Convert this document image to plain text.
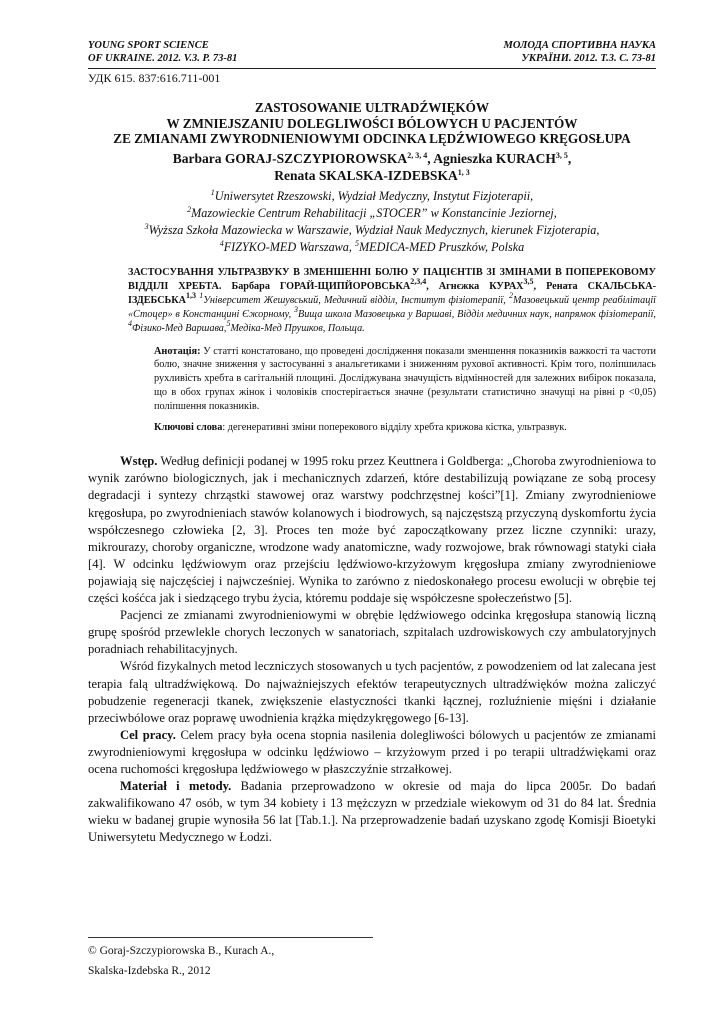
YOUNG SPORT SCIENCE
OF UKRAINE. 2012. V.3. P. 73-81
МОЛОДА СПОРТИВНА НАУКА
УКРАЇНИ. 2012. Т.3. С. 73-81
УДК 615. 837:616.711-001
ZASTOSOWANIE ULTRADŹWIĘKÓW
W ZMNIEJSZANIU DOLEGLIWOŚCI BÓLOWYCH U PACJENTÓW
ZE ZMIANAMI ZWYRODNIENIOWYMI ODCINKA LĘDŹWIOWEGO KRĘGOSŁUPA
Barbara GORAJ-SZCZYPIOROWSKA$^{2, 3, 4}$, Agnieszka KURACH$^{3, 5}$,
Renata SKALSKA-IZDEBSKA$^{1, 3}$
$^1$Uniwersytet Rzeszowski, Wydział Medyczny, Instytut Fizjoterapii,
$^2$Mazowieckie Centrum Rehabilitacji „STOCER” w Konstancinie Jeziornej,
$^3$Wyższa Szkoła Mazowiecka w Warszawie, Wydział Nauk Medycznych, kierunek Fizjoterapia,
$^4$FIZYKO-MED Warszawa, $^5$MEDICA-MED Pruszków, Polska
ЗАСТОСУВАННЯ УЛЬТРАЗВУКУ В ЗМЕНШЕННІ БОЛЮ У ПАЦІЄНТІВ ЗІ ЗМІНАМИ В ПОПЕРЕКОВОМУ ВІДДІЛІ ХРЕБТА. Барбара ГОРАЙ-ЩИПЙОРОВСЬКА$^{2,3,4}$, Агнєжка КУРАХ$^{3,5}$, Рената СКАЛЬСЬКА-ІЗДЕБСЬКА$^{1,3}$ $^1$Університет Жешувський, Медичний відділ, Інститут фізіотерапії, $^2$Мазовецький центр реабілітації «Стоцер» в Констанцині Єжорному, $^3$Вища школа Мазовецька у Варшаві, Відділ медичних наук, напрямок фізіотерапії, $^4$Фізико-Мед Варшава,$^5$Медіка-Мед Прушков, Польща.
Анотація: У статті констатовано, що проведені дослідження показали зменшення показників важкості та частоти болю, значне зниження у застосуванні з анальгетиками і зниженням рухової активності. Крім того, поліпшилась рухливість хребта в сагітальній площині. Досліджувана значущість відмінностей для залежних вибірок показала, що в обох групах жінок і чоловіків спостерігається значне (результати статистично значущі на рівні p <0,05) поліпшення показників.
Ключові слова: дегенеративні зміни поперекового відділу хребта крижова кістка, ультразвук.

Wstęp. Według definicji podanej w 1995 roku przez Keuttnera i Goldberga: „Choroba zwyrodnieniowa to wynik zarówno biologicznych, jak i mechanicznych zdarzeń, które destabilizują powiązane ze sobą procesy degradacji i syntezy chrząstki stawowej oraz warstwy podchrzęstnej kości”[1]. Zmiany zwyrodnieniowe kręgosłupa, po zwyrodnieniach stawów kolanowych i biodrowych, są najczęstszą przyczyną dyskomfortu życia współczesnego człowieka [2, 3]. Proces ten może być zapoczątkowany przez liczne czynniki: urazy, mikrourazy, choroby organiczne, wrodzone wady anatomiczne, wady rozwojowe, brak równowagi statyki ciała [4]. W odcinku lędźwiowym oraz przejściu lędźwiowo-krzyżowym kręgosłupa zmiany zwyrodnieniowe pojawiają się najczęściej i najwcześniej. Wynika to zarówno z niedoskonałego procesu ewolucji w obrębie tej części kośćca jak i siedzącego trybu życia, któremu poddaje się współczesne społeczeństwo [5].

Pacjenci ze zmianami zwyrodnieniowymi w obrębie lędźwiowego odcinka kręgosłupa stanowią liczną grupę spośród przewlekle chorych leczonych w sanatoriach, szpitalach uzdrowiskowych czy ambulatoryjnych poradniach rehabilitacyjnych.

Wśród fizykalnych metod leczniczych stosowanych u tych pacjentów, z powodzeniem od lat zalecana jest terapia falą ultradźwiękową. Do najważniejszych efektów terapeutycznych ultradźwięków można zaliczyć pobudzenie regeneracji tkanek, zwiększenie elastyczności tkanki łącznej, rozluźnienie mięśni i działanie przeciwbólowe oraz poprawę uwodnienia krążka międzykręgowego [6-13].

Cel pracy. Celem pracy była ocena stopnia nasilenia dolegliwości bólowych u pacjentów ze zmianami zwyrodnieniowymi kręgosłupa w odcinku lędźwiowo – krzyżowym przed i po terapii ultradźwiękami oraz ocena ruchomości kręgosłupa lędźwiowego w płaszczyźnie strzałkowej.

Materiał i metody. Badania przeprowadzono w okresie od maja do lipca 2005r. Do badań zakwalifikowano 47 osób, w tym 34 kobiety i 13 mężczyzn w przedziale wiekowym od 31 do 84 lat. Średnia wieku w badanej grupie wynosiła 56 lat [Tab.1.]. Na przeprowadzenie badań uzyskano zgodę Komisji Bioetyki Uniwersytetu Medycznego w Łodzi.

© Goraj-Szczypiorowska B., Kurach A.,
Skalska-Izdebska R., 2012
